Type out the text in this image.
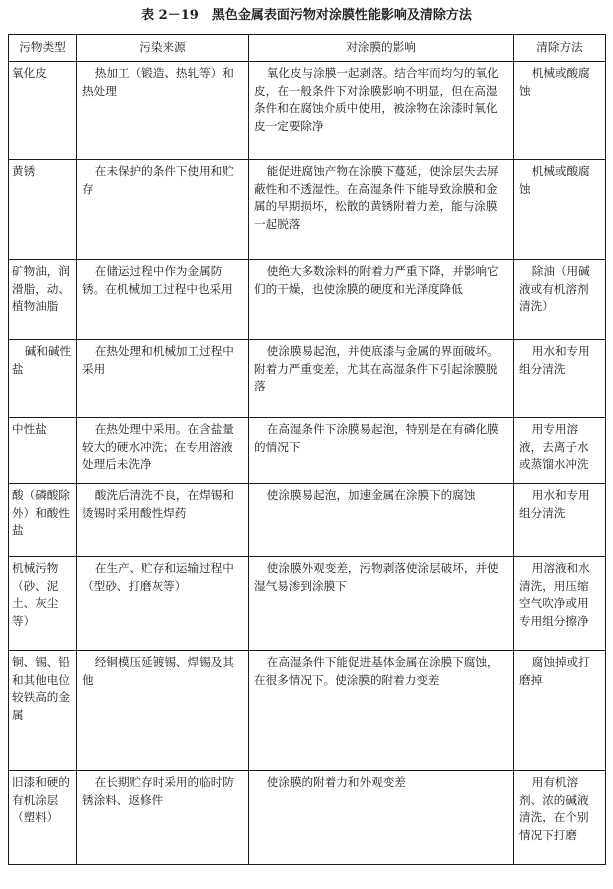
表 2－19　黑色金属表面污物对涂膜性能影响及清除方法
污物类型	污染来源	对涂膜的影响	清除方法
氧化皮	热加工（锻造、热轧等）和热处理	氧化皮与涂膜一起剥落。结合牢而均匀的氧化皮，在一般条件下对涂膜影响不明显，但在高湿条件和在腐蚀介质中使用，被涂物在涂漆时氧化皮一定要除净	机械或酸腐蚀
黄锈	在未保护的条件下使用和贮存	能促进腐蚀产物在涂膜下蔓延，使涂层失去屏蔽性和不透湿性。在高湿条件下能导致涂膜和金属的早期损坏，松散的黄锈附着力差，能与涂膜一起脱落	机械或酸腐蚀
矿物油，润滑脂，动、植物油脂	在储运过程中作为金属防锈。在机械加工过程中也采用	使绝大多数涂料的附着力严重下降，并影响它们的干燥，也使涂膜的硬度和光泽度降低	除油（用碱液或有机溶剂清洗）
碱和碱性盐	在热处理和机械加工过程中采用	使涂膜易起泡，并使底漆与金属的界面破坏。附着力严重变差，尤其在高湿条件下引起涂膜脱落	用水和专用组分清洗
中性盐	在热处理中采用。在含盐量较大的硬水冲洗；在专用溶液处理后未洗净	在高湿条件下涂膜易起泡，特别是在有磷化膜的情况下	用专用溶液，去离子水或蒸馏水冲洗
酸（磷酸除外）和酸性盐	酸洗后清洗不良，在焊锡和烫锡时采用酸性焊药	使涂膜易起泡，加速金属在涂膜下的腐蚀	用水和专用组分清洗
机械污物（砂、泥土、灰尘等）	在生产、贮存和运输过程中（型砂、打磨灰等）	使涂膜外观变差，污物剥落使涂层破坏，并使湿气易渗到涂膜下	用溶液和水清洗，用压缩空气吹净或用专用组分擦净
铜、锡、铅和其他电位较铁高的金属	经铜模压延镀锡、焊锡及其他	在高湿条件下能促进基体金属在涂膜下腐蚀，在很多情况下。使涂膜的附着力变差	腐蚀掉或打磨掉
旧漆和硬的有机涂层（塑料）	在长期贮存时采用的临时防锈涂料、返修件	使涂膜的附着力和外观变差	用有机溶剂、浓的碱液清洗，在个别情况下打磨
